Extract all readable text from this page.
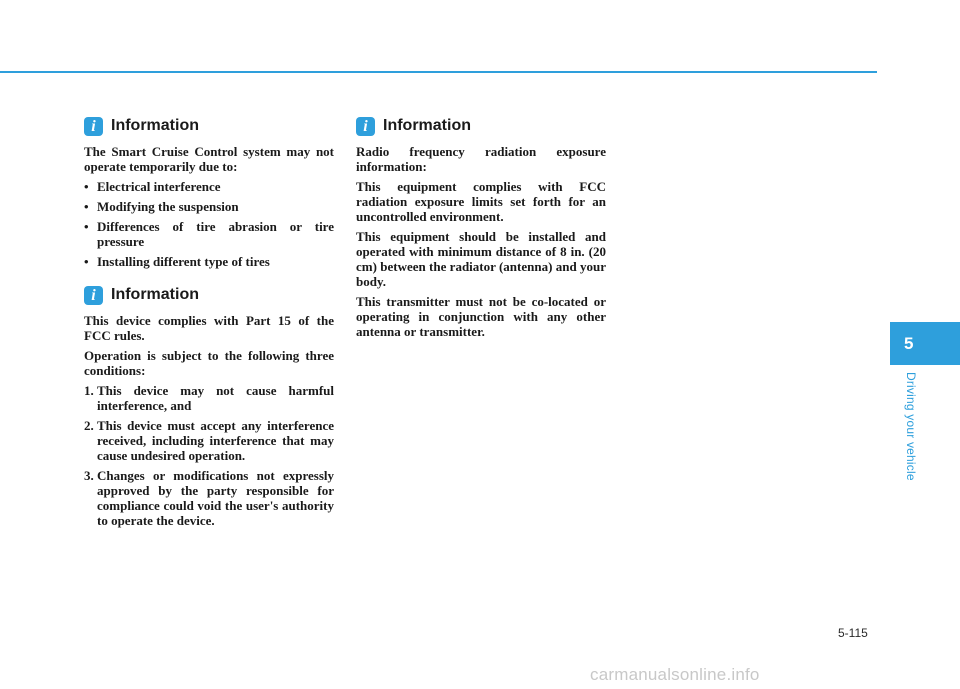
i Information

The Smart Cruise Control system may not operate temporarily due to:

• Electrical interference
• Modifying the suspension
• Differences of tire abrasion or tire pressure
• Installing different type of tires
i Information

This device complies with Part 15 of the FCC rules.

Operation is subject to the following three conditions:

1. This device may not cause harmful interference, and
2. This device must accept any interference received, including interference that may cause undesired operation.
3. Changes or modifications not expressly approved by the party responsible for compliance could void the user's authority to operate the device.
i Information

Radio frequency radiation exposure information:

This equipment complies with FCC radiation exposure limits set forth for an uncontrolled environment.

This equipment should be installed and operated with minimum distance of 8 in. (20 cm) between the radiator (antenna) and your body.

This transmitter must not be co-located or operating in conjunction with any other antenna or transmitter.

5
Driving your vehicle
5-115
carmanualsonline.info
